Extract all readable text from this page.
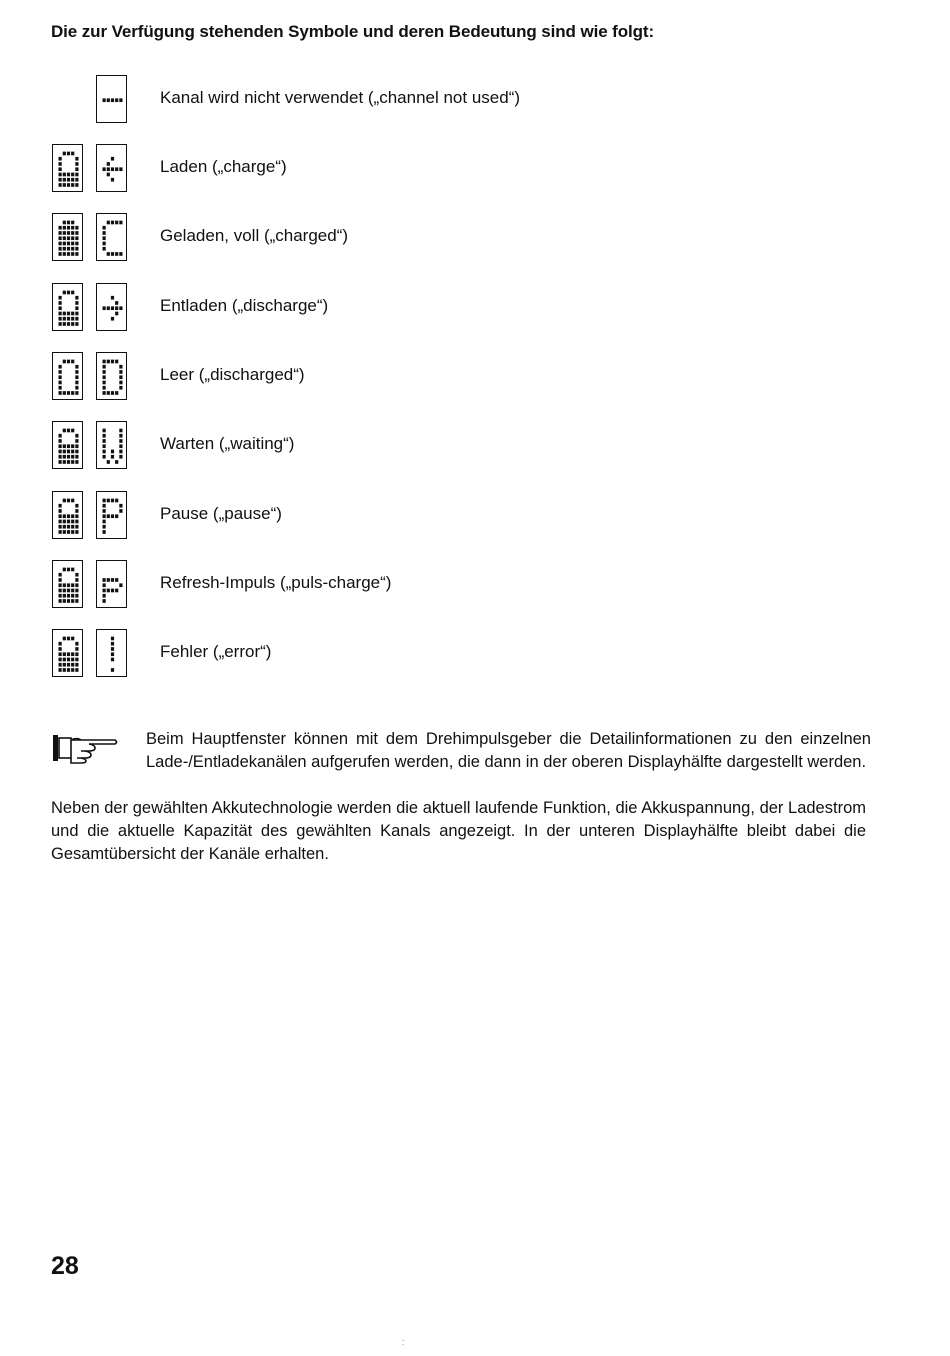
Die zur Verfügung stehenden Symbole und deren Bedeutung sind wie folgt:
Kanal wird nicht verwendet („channel not used“)
Laden („charge“)
Geladen, voll („charged“)
Entladen („discharge“)
Leer („discharged“)
Warten („waiting“)
Pause („pause“)
Refresh-Impuls („puls-charge“)
Fehler („error“)
Beim Hauptfenster können mit dem Drehimpulsgeber die Detailinformationen zu den einzelnen Lade-/Entladekanälen aufgerufen werden, die dann in der oberen Displayhälfte dargestellt werden.
Neben der gewählten Akkutechnologie werden die aktuell laufende Funktion, die Akkuspannung, der Ladestrom und die aktuelle Kapazität des gewählten Kanals angezeigt. In der unteren Displayhälfte bleibt dabei die Gesamtübersicht der Kanäle erhalten.
28
:
